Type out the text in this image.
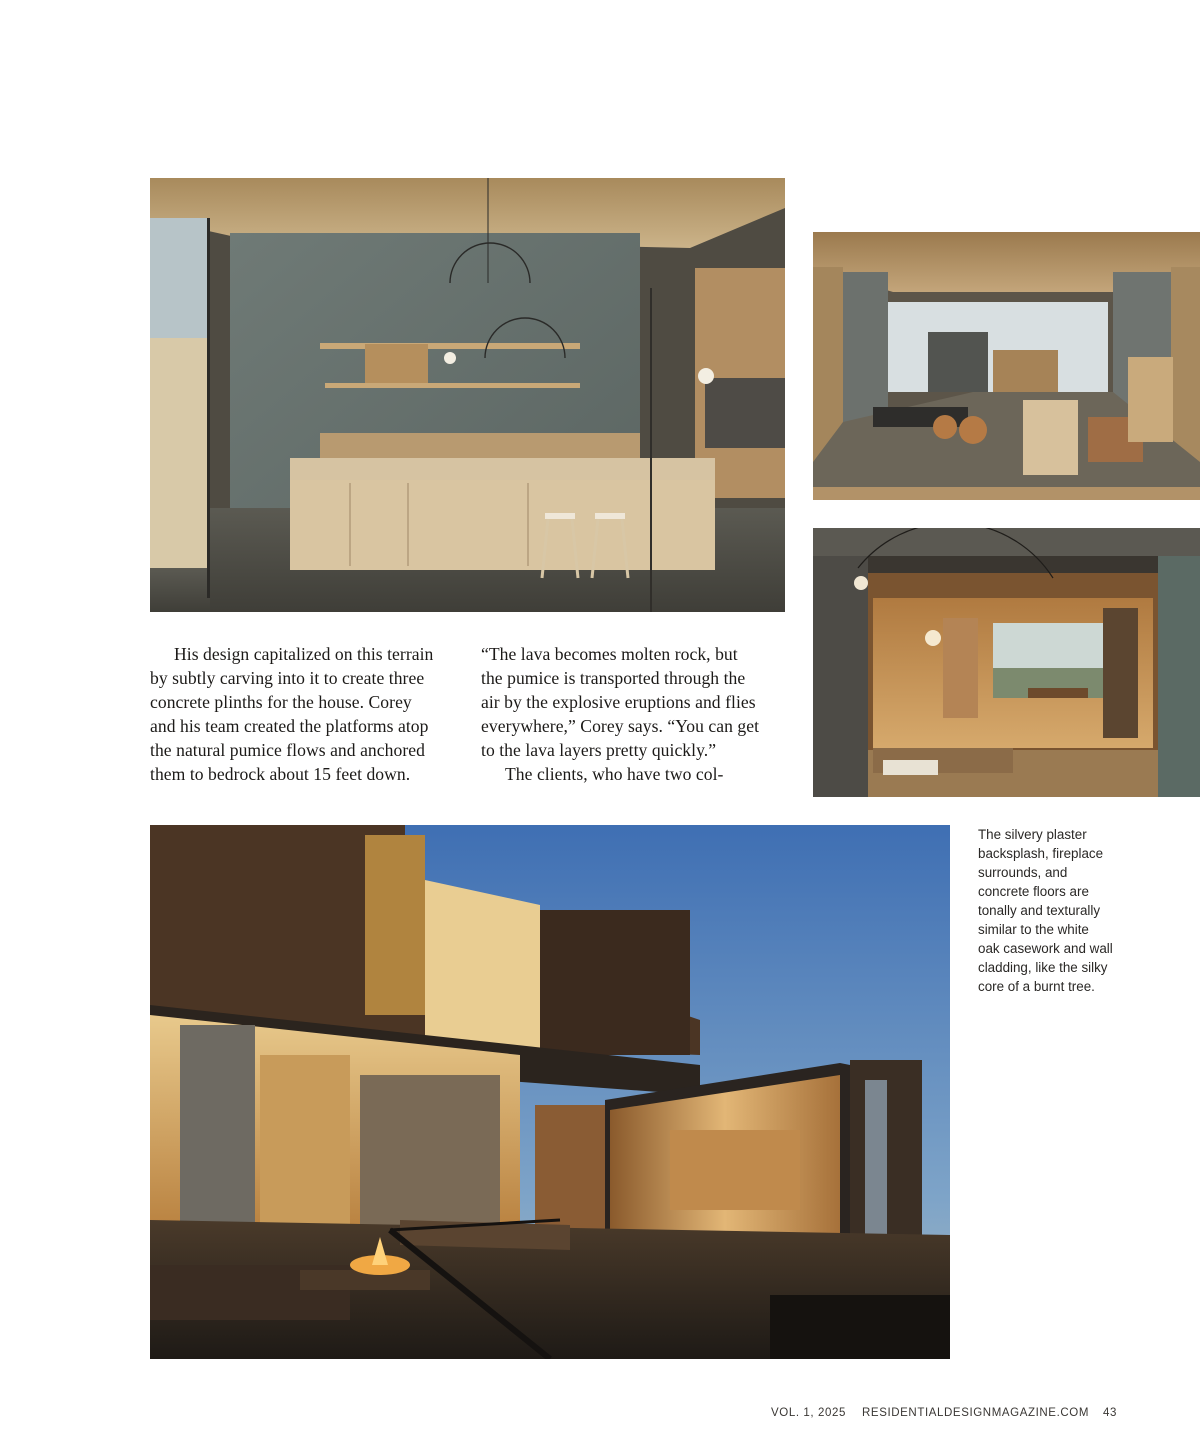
His design capitalized on this terrain
by subtly carving into it to create three
concrete plinths for the house. Corey
and his team created the platforms atop
the natural pumice flows and anchored
them to bedrock about 15 feet down.

“The lava becomes molten rock, but
the pumice is transported through the
air by the explosive eruptions and flies
everywhere,” Corey says. “You can get
to the lava layers pretty quickly.”
The clients, who have two col-

The silvery plaster
backsplash, fireplace
surrounds, and
concrete floors are
tonally and texturally
similar to the white
oak casework and wall
cladding, like the silky
core of a burnt tree.

VOL. 1, 2025 RESIDENTIALDESIGNMAGAZINE.COM 43
